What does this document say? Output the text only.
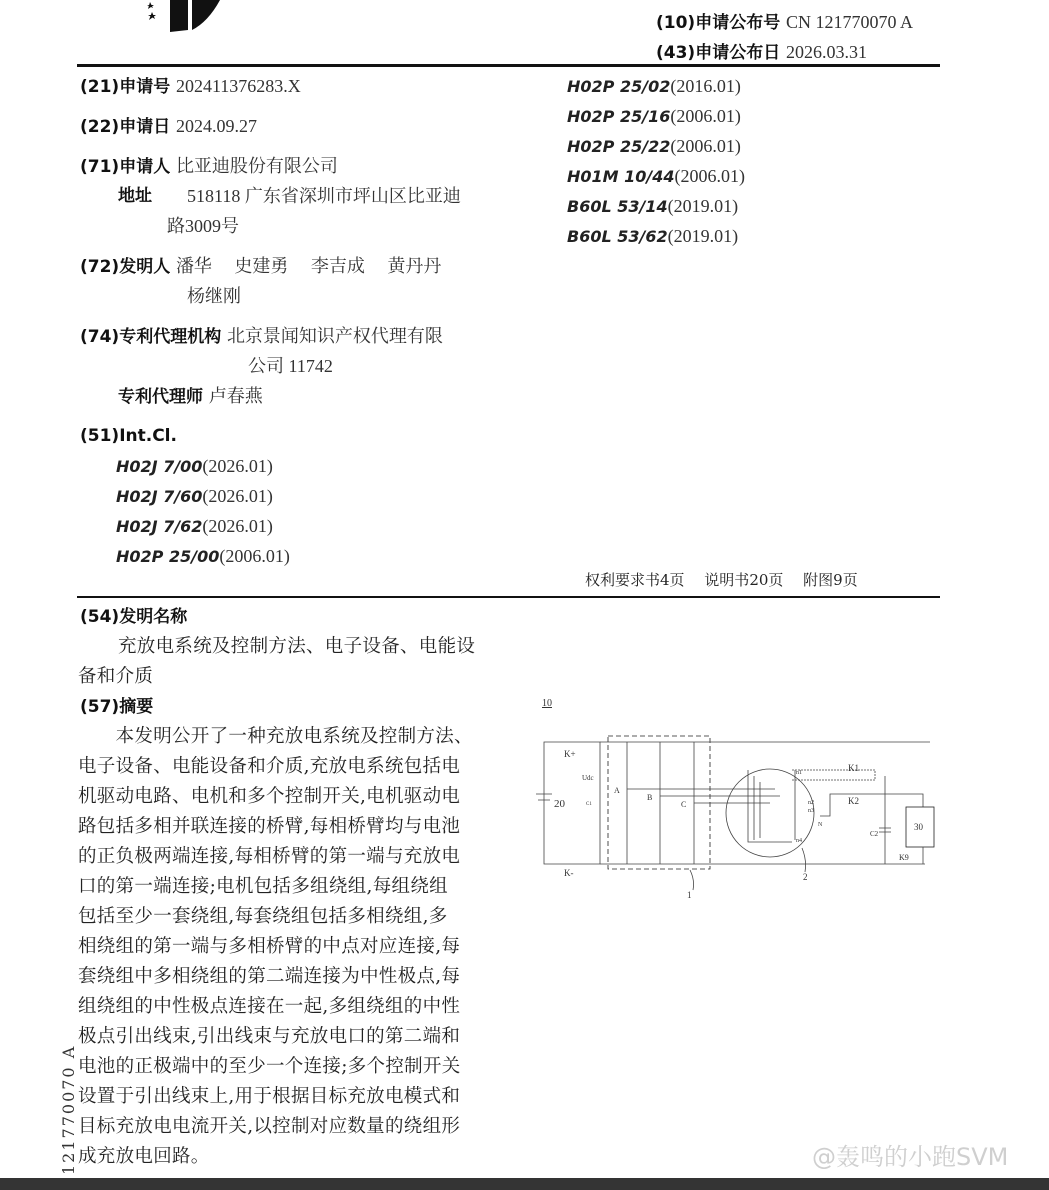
(10)申请公布号 CN 121770070 A
(43)申请公布日 2026.03.31
(21)申请号 202411376283.X
(22)申请日 2024.09.27
(71)申请人 比亚迪股份有限公司
地址 518118 广东省深圳市坪山区比亚迪
路3009号
(72)发明人 潘华　 史建勇　 李吉成　 黄丹丹
杨继刚
(74)专利代理机构 北京景闻知识产权代理有限
公司 11742
专利代理师 卢春燕
(51)Int.Cl.
H02J 7/00(2026.01)
H02J 7/60(2026.01)
H02J 7/62(2026.01)
H02P 25/00(2006.01)
H02P 25/02(2016.01)
H02P 25/16(2006.01)
H02P 25/22(2006.01)
H01M 10/44(2006.01)
B60L 53/14(2019.01)
B60L 53/62(2019.01)
权利要求书4页　 说明书20页　 附图9页
(54)发明名称
充放电系统及控制方法、电子设备、电能设
备和介质
(57)摘要
　　本发明公开了一种充放电系统及控制方法、
电子设备、电能设备和介质,充放电系统包括电
机驱动电路、电机和多个控制开关,电机驱动电
路包括多相并联连接的桥臂,每相桥臂均与电池
的正负极两端连接,每相桥臂的第一端与充放电
口的第一端连接;电机包括多组绕组,每组绕组
包括至少一套绕组,每套绕组包括多相绕组,多
相绕组的第一端与多相桥臂的中点对应连接,每
套绕组中多相绕组的第二端连接为中性极点,每
组绕组的中性极点连接在一起,多组绕组的中性
极点引出线束,引出线束与充放电口的第二端和
电池的正极端中的至少一个连接;多个控制开关
设置于引出线束上,用于根据目标充放电模式和
目标充放电电流开关,以控制对应数量的绕组形
成充放电回路。
121770070 A
10
20
K+
K-
Udc
C1
A
B
C
n1
n2
n3
n4
N
K1
K2
C2
30
K9
1
2
@轰鸣的小跑SVM
